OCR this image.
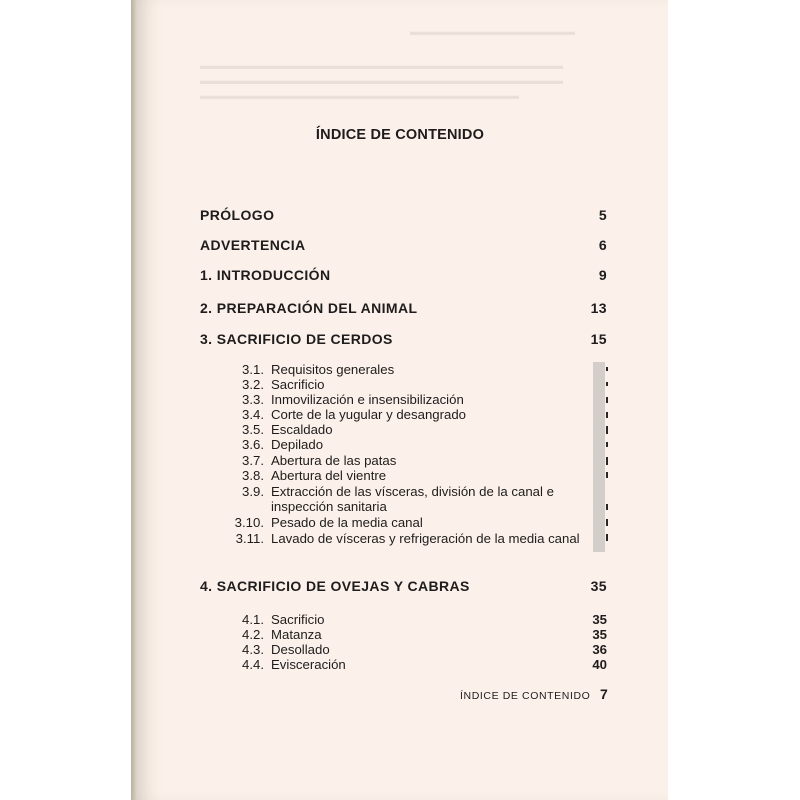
▬▬▬▬▬▬▬▬▬▬▬▬▬▬▬
▬▬▬▬▬▬▬▬▬▬▬▬▬▬▬▬▬▬▬▬▬▬▬▬▬▬▬▬▬▬▬▬▬
▬▬▬▬▬▬▬▬▬▬▬▬▬▬▬▬▬▬▬▬▬▬▬▬▬▬▬▬▬▬▬▬▬
▬▬▬▬▬▬▬▬▬▬▬▬▬▬▬▬▬▬▬▬▬▬▬▬▬▬▬▬▬
ÍNDICE DE CONTENIDO
PRÓLOGO	5
ADVERTENCIA	6
1. INTRODUCCIÓN	9
2. PREPARACIÓN DEL ANIMAL	13
3. SACRIFICIO DE CERDOS	15
3.1. Requisitos generales
3.2. Sacrificio
3.3. Inmovilización e insensibilización
3.4. Corte de la yugular y desangrado
3.5. Escaldado
3.6. Depilado
3.7. Abertura de las patas
3.8. Abertura del vientre
3.9. Extracción de las vísceras, división de la canal e inspección sanitaria
3.10. Pesado de la media canal
3.11. Lavado de vísceras y refrigeración de la media canal
4. SACRIFICIO DE OVEJAS Y CABRAS	35
4.1. Sacrificio	35
4.2. Matanza	35
4.3. Desollado	36
4.4. Evisceración	40
ÍNDICE DE CONTENIDO 7
